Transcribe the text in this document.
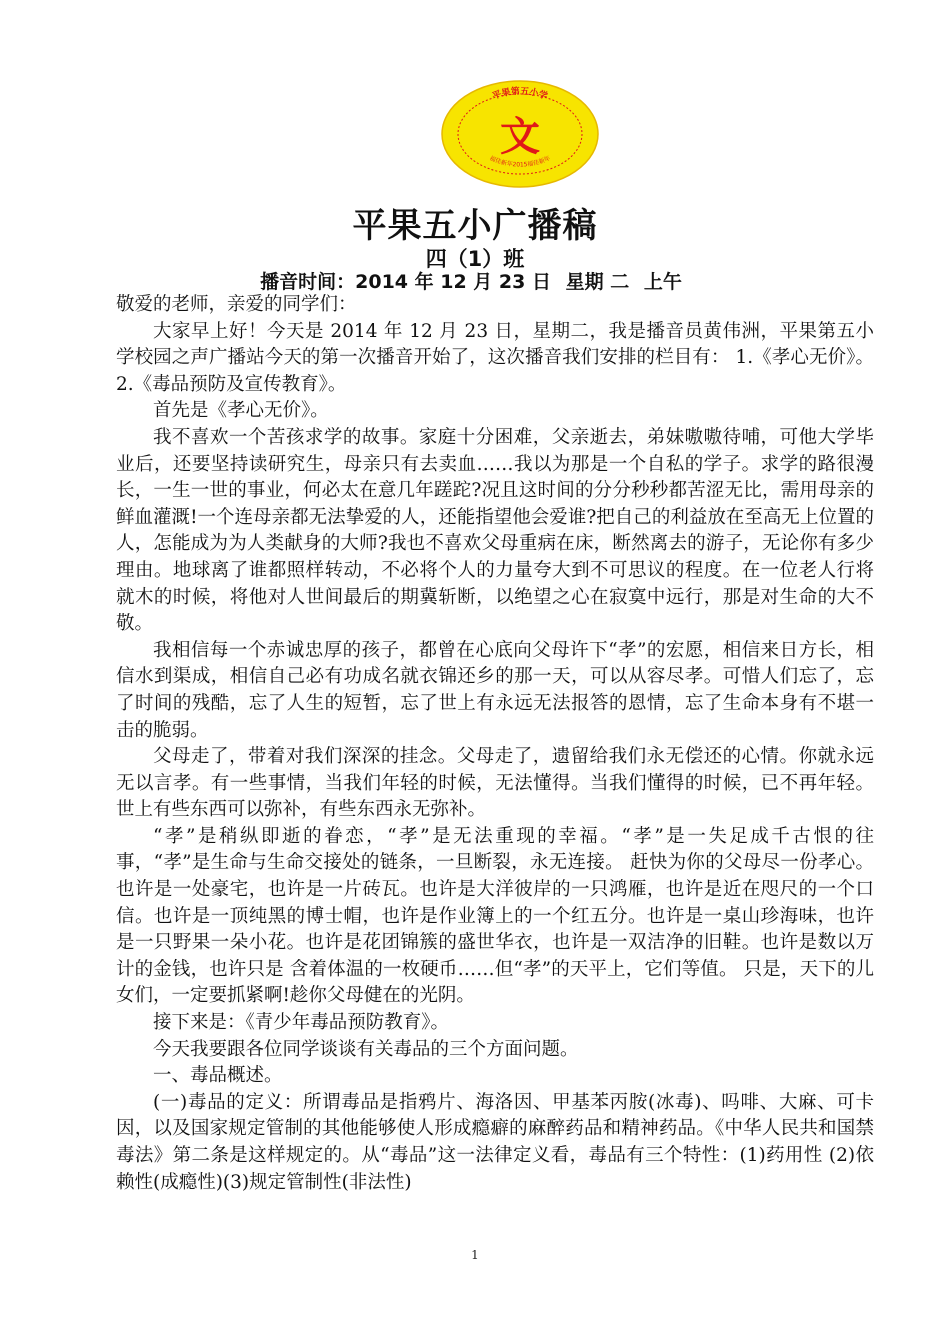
平果第五小学
福佳新年2015福佳新年
文
平果五小广播稿
四（1）班
播音时间：2014 年 12 月 23 日 星期 二 上午

敬爱的老师，亲爱的同学们：

大家早上好！今天是 2014 年 12 月 23 日，星期二，我是播音员黄伟洲，平果第五小学校园之声广播站今天的第一次播音开始了，这次播音我们安排的栏目有： 1.《孝心无价》。2.《毒品预防及宣传教育》。

首先是《孝心无价》。

我不喜欢一个苦孩求学的故事。家庭十分困难，父亲逝去，弟妹嗷嗷待哺，可他大学毕业后，还要坚持读研究生，母亲只有去卖血……我以为那是一个自私的学子。求学的路很漫长，一生一世的事业，何必太在意几年蹉跎?况且这时间的分分秒秒都苦涩无比，需用母亲的鲜血灌溉!一个连母亲都无法挚爱的人，还能指望他会爱谁?把自己的利益放在至高无上位置的人，怎能成为为人类献身的大师?我也不喜欢父母重病在床，断然离去的游子，无论你有多少理由。地球离了谁都照样转动，不必将个人的力量夸大到不可思议的程度。在一位老人行将就木的时候，将他对人世间最后的期冀斩断，以绝望之心在寂寞中远行，那是对生命的大不敬。

我相信每一个赤诚忠厚的孩子，都曾在心底向父母许下“孝”的宏愿，相信来日方长，相信水到渠成，相信自己必有功成名就衣锦还乡的那一天，可以从容尽孝。可惜人们忘了，忘了时间的残酷，忘了人生的短暂，忘了世上有永远无法报答的恩情，忘了生命本身有不堪一击的脆弱。

父母走了，带着对我们深深的挂念。父母走了，遗留给我们永无偿还的心情。你就永远无以言孝。有一些事情，当我们年轻的时候，无法懂得。当我们懂得的时候，已不再年轻。世上有些东西可以弥补，有些东西永无弥补。

“孝”是稍纵即逝的眷恋，“孝”是无法重现的幸福。“孝”是一失足成千古恨的往事，“孝”是生命与生命交接处的链条，一旦断裂，永无连接。 赶快为你的父母尽一份孝心。也许是一处豪宅，也许是一片砖瓦。也许是大洋彼岸的一只鸿雁，也许是近在咫尺的一个口信。也许是一顶纯黑的博士帽，也许是作业簿上的一个红五分。也许是一桌山珍海味，也许是一只野果一朵小花。也许是花团锦簇的盛世华衣，也许是一双洁净的旧鞋。也许是数以万计的金钱，也许只是 含着体温的一枚硬币……但“孝”的天平上，它们等值。 只是，天下的儿女们，一定要抓紧啊!趁你父母健在的光阴。

接下来是：《青少年毒品预防教育》。

今天我要跟各位同学谈谈有关毒品的三个方面问题。

一、毒品概述。

(一)毒品的定义：所谓毒品是指鸦片、海洛因、甲基苯丙胺(冰毒)、吗啡、大麻、可卡因，以及国家规定管制的其他能够使人形成瘾癖的麻醉药品和精神药品。《中华人民共和国禁毒法》第二条是这样规定的。从“毒品”这一法律定义看，毒品有三个特性：(1)药用性 (2)依赖性(成瘾性)(3)规定管制性(非法性)

1
